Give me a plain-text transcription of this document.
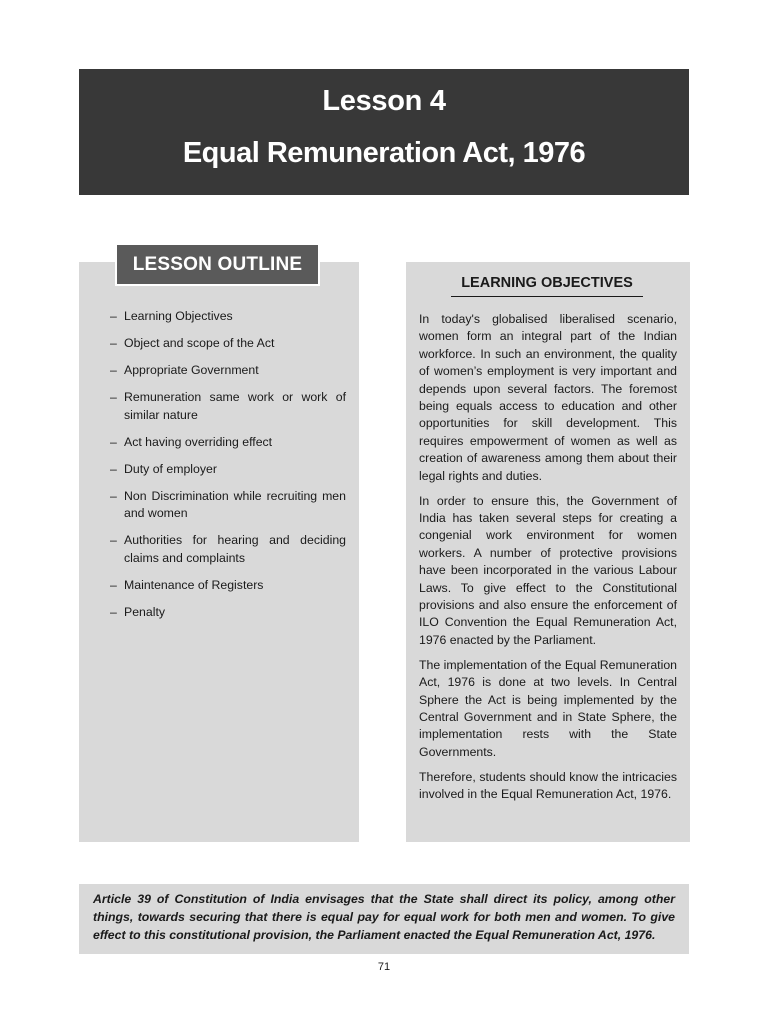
Lesson 4
Equal Remuneration Act, 1976
LESSON OUTLINE
– Learning Objectives
– Object and scope of the Act
– Appropriate Government
– Remuneration same work or work of similar nature
– Act having overriding effect
– Duty of employer
– Non Discrimination while recruiting men and women
– Authorities for hearing and deciding claims and complaints
– Maintenance of Registers
– Penalty
LEARNING OBJECTIVES

In today's globalised liberalised scenario, women form an integral part of the Indian workforce. In such an environment, the quality of women’s employment is very important and depends upon several factors. The foremost being equals access to education and other opportunities for skill development. This requires empowerment of women as well as creation of awareness among them about their legal rights and duties.

In order to ensure this, the Government of India has taken several steps for creating a congenial work environment for women workers. A number of protective provisions have been incorporated in the various Labour Laws. To give effect to the Constitutional provisions and also ensure the enforcement of ILO Convention the Equal Remuneration Act, 1976 enacted by the Parliament.

The implementation of the Equal Remuneration Act, 1976 is done at two levels. In Central Sphere the Act is being implemented by the Central Government and in State Sphere, the implementation rests with the State Governments.

Therefore, students should know the intricacies involved in the Equal Remuneration Act, 1976.

Article 39 of Constitution of India envisages that the State shall direct its policy, among other things, towards securing that there is equal pay for equal work for both men and women. To give effect to this constitutional provision, the Parliament enacted the Equal Remuneration Act, 1976.
71
